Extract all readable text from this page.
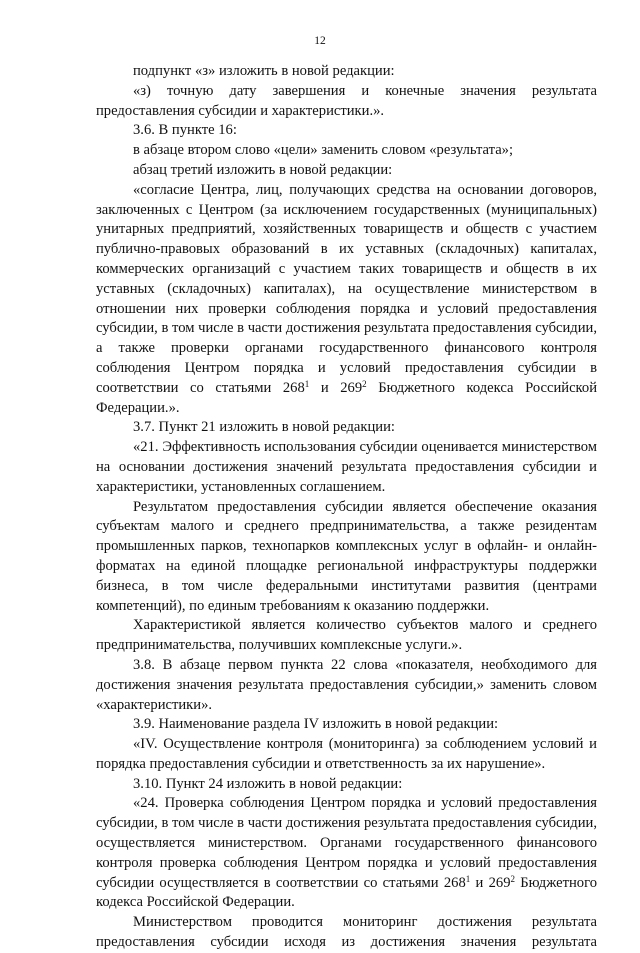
12

подпункт «з» изложить в новой редакции:

«з) точную дату завершения и конечные значения результата предоставления субсидии и характеристики.».

3.6. В пункте 16:

в абзаце втором слово «цели» заменить словом «результата»;

абзац третий изложить в новой редакции:

«согласие Центра, лиц, получающих средства на основании договоров, заключенных с Центром (за исключением государственных (муниципальных) унитарных предприятий, хозяйственных товариществ и обществ с участием публично-правовых образований в их уставных (складочных) капиталах, коммерческих организаций с участием таких товариществ и обществ в их уставных (складочных) капиталах), на осуществление министерством в отношении них проверки соблюдения порядка и условий предоставления субсидии, в том числе в части достижения результата предоставления субсидии, а также проверки органами государственного финансового контроля соблюдения Центром порядка и условий предоставления субсидии в соответствии со статьями $268^1$ и $269^2$ Бюджетного кодекса Российской Федерации.».

3.7. Пункт 21 изложить в новой редакции:

«21. Эффективность использования субсидии оценивается министерством на основании достижения значений результата предоставления субсидии и характеристики, установленных соглашением.

Результатом предоставления субсидии является обеспечение оказания субъектам малого и среднего предпринимательства, а также резидентам промышленных парков, технопарков комплексных услуг в офлайн- и онлайн-форматах на единой площадке региональной инфраструктуры поддержки бизнеса, в том числе федеральными институтами развития (центрами компетенций), по единым требованиям к оказанию поддержки.

Характеристикой является количество субъектов малого и среднего предпринимательства, получивших комплексные услуги.».

3.8. В абзаце первом пункта 22 слова «показателя, необходимого для достижения значения результата предоставления субсидии,» заменить словом «характеристики».

3.9. Наименование раздела IV изложить в новой редакции:

«IV. Осуществление контроля (мониторинга) за соблюдением условий и порядка предоставления субсидии и ответственность за их нарушение».

3.10. Пункт 24 изложить в новой редакции:

«24. Проверка соблюдения Центром порядка и условий предоставления субсидии, в том числе в части достижения результата предоставления субсидии, осуществляется министерством. Органами государственного финансового контроля проверка соблюдения Центром порядка и условий предоставления субсидии осуществляется в соответствии со статьями $268^1$ и $269^2$ Бюджетного кодекса Российской Федерации.

Министерством проводится мониторинг достижения результата предоставления субсидии исходя из достижения значения результата
